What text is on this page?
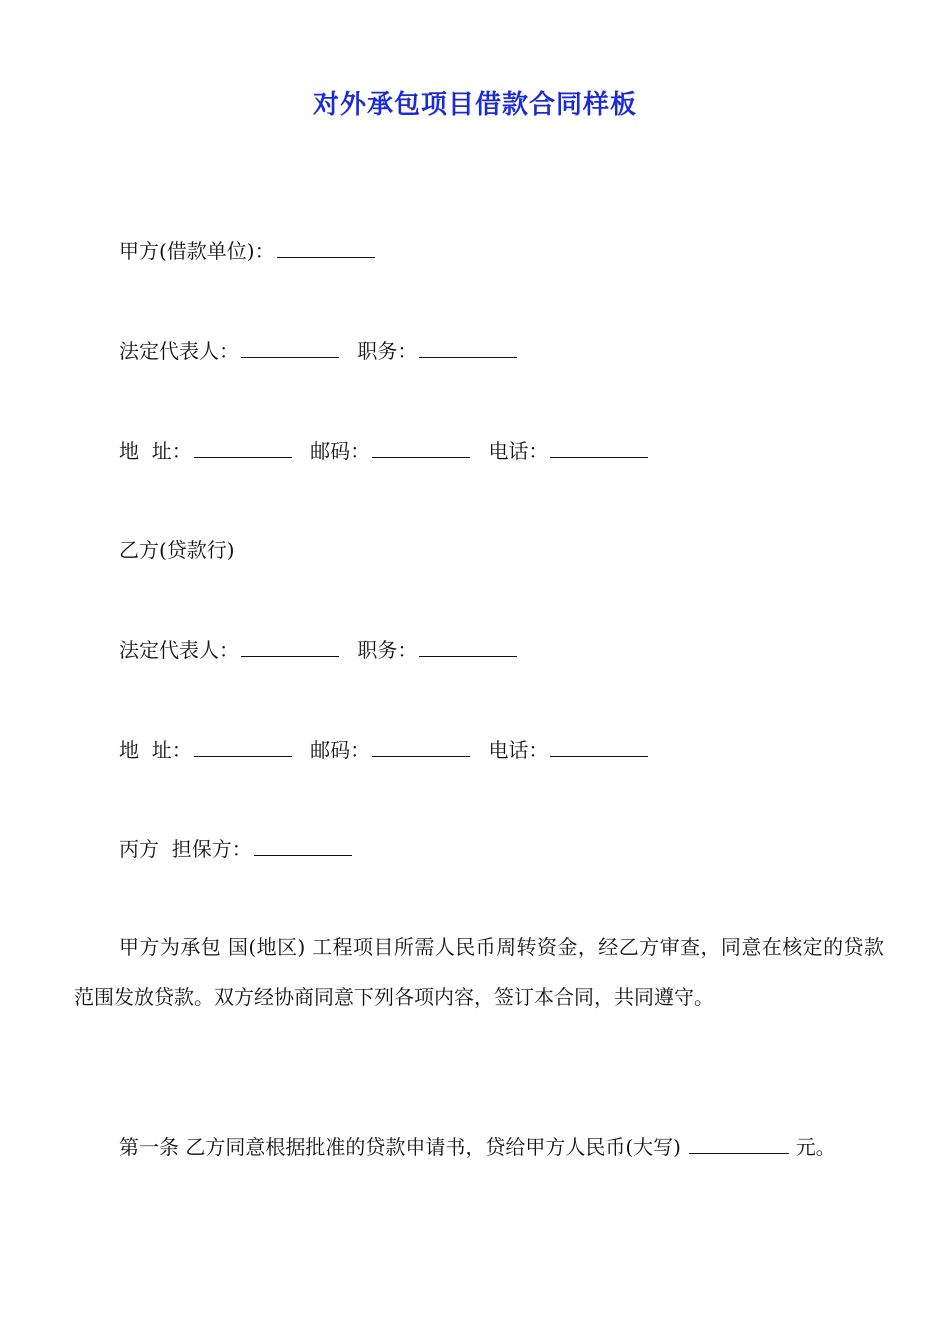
对外承包项目借款合同样板
甲方(借款单位)：
法定代表人：	职务：
地  址：	邮码：	电话：
乙方(贷款行)
法定代表人：	职务：
地  址：	邮码：	电话：
丙方  担保方：
甲方为承包 国(地区) 工程项目所需人民币周转资金，经乙方审查，同意在核定的贷款范围发放贷款。双方经协商同意下列各项内容，签订本合同，共同遵守。
第一条 乙方同意根据批准的贷款申请书，贷给甲方人民币(大写)	元。
